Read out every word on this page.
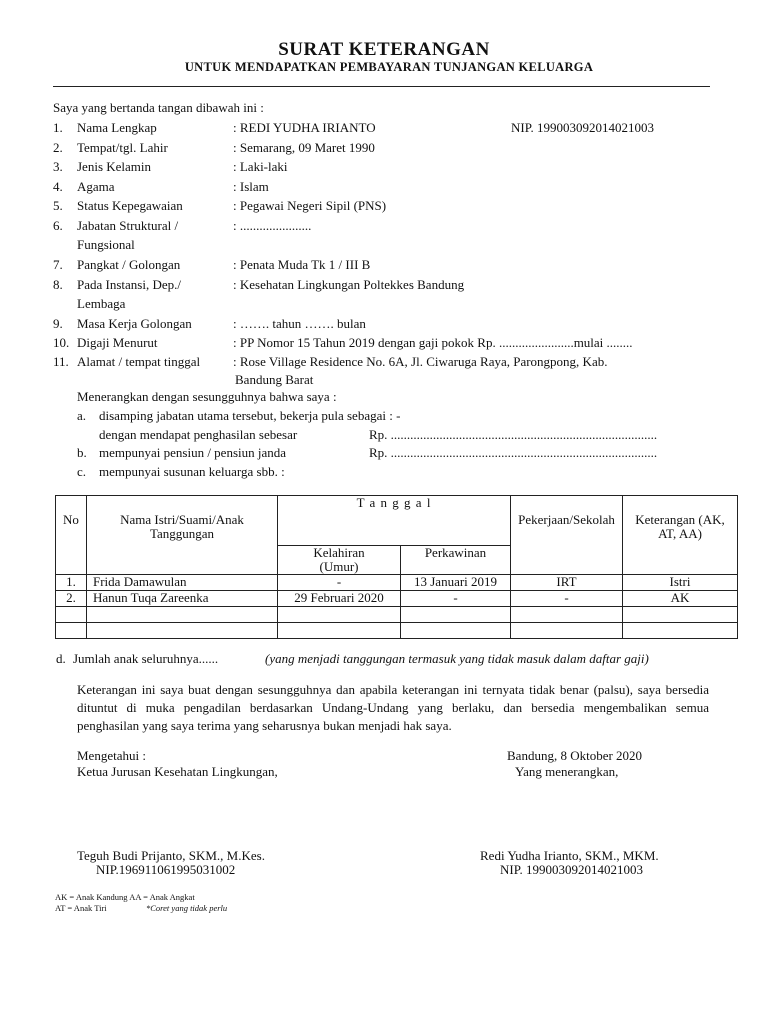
SURAT KETERANGAN
UNTUK MENDAPATKAN PEMBAYARAN TUNJANGAN KELUARGA
Saya yang bertanda tangan dibawah ini :
1. Nama Lengkap	: REDI YUDHA IRIANTO	NIP. 199003092014021003
2. Tempat/tgl. Lahir	: Semarang, 09 Maret 1990
3. Jenis Kelamin	: Laki-laki
4. Agama	: Islam
5. Status Kepegawaian	: Pegawai Negeri Sipil (PNS)
6. Jabatan Struktural /
Fungsional
: ......................
7. Pangkat / Golongan	: Penata Muda Tk 1 / III B
8. Pada Instansi, Dep./
Lembaga
: Kesehatan Lingkungan Poltekkes Bandung
9. Masa Kerja Golongan	: ……. tahun ……. bulan
10. Digaji Menurut	: PP Nomor 15 Tahun 2019 dengan gaji pokok Rp. .......................mulai ........
11. Alamat / tempat tinggal	: Rose Village Residence No. 6A, Jl. Ciwaruga Raya, Parongpong, Kab.
Bandung Barat
Menerangkan dengan sesungguhnya bahwa saya :
a. disamping jabatan utama tersebut, bekerja pula sebagai : -
dengan mendapat penghasilan sebesar	Rp. ..................................................................................
b. mempunyai pensiun / pensiun janda	Rp. ..................................................................................
c. mempunyai susunan keluarga sbb. :
No	Nama Istri/Suami/Anak Tanggungan	T a n g g a l		Pekerjaan/Sekolah	Keterangan (AK, AT, AA)
		Kelahiran (Umur)	Perkawinan		
1.	Frida Damawulan	-	13 Januari 2019	IRT	Istri
2.	Hanun Tuqa Zareenka	29 Februari 2020	-	-	AK

d. Jumlah anak seluruhnya......	(yang menjadi tanggungan termasuk yang tidak masuk dalam daftar gaji)
Keterangan ini saya buat dengan sesungguhnya dan apabila keterangan ini ternyata tidak benar (palsu), saya bersedia dituntut di muka pengadilan berdasarkan Undang-Undang yang berlaku, dan bersedia mengembalikan semua penghasilan yang saya terima yang seharusnya bukan menjadi hak saya.
Mengetahui :
Ketua Jurusan Kesehatan Lingkungan,
Teguh Budi Prijanto, SKM., M.Kes.
NIP.196911061995031002
Bandung, 8 Oktober 2020
Yang menerangkan,
Redi Yudha Irianto, SKM., MKM.
NIP. 199003092014021003
AK = Anak Kandung AA = Anak Angkat
AT = Anak Tiri	*Coret yang tidak perlu
